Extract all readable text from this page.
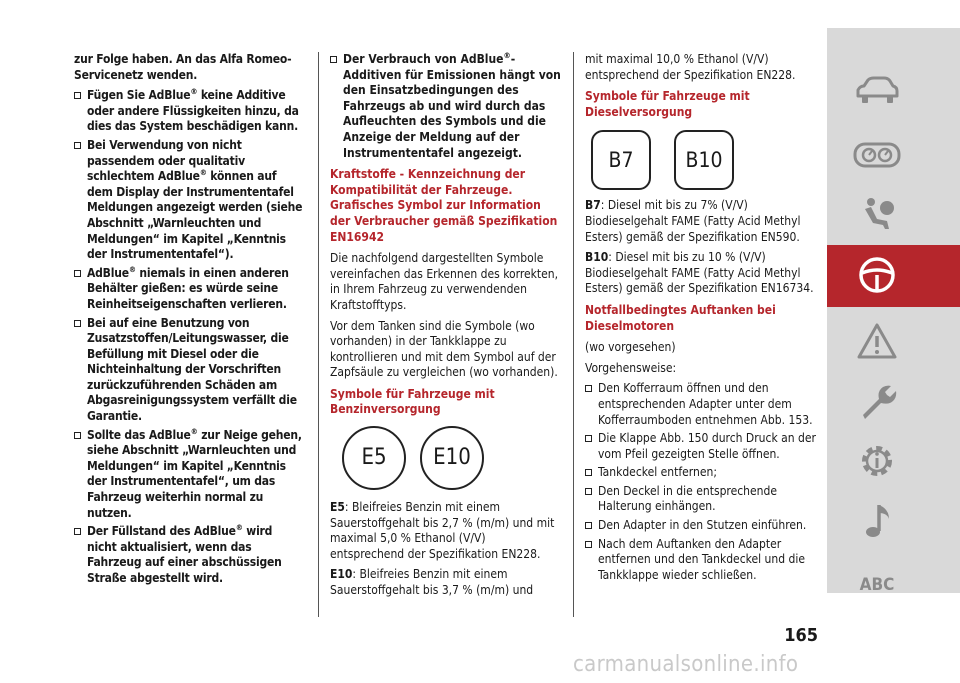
zur Folge haben. An das Alfa Romeo-Servicenetz wenden.

Fügen Sie AdBlue® keine Additive oder andere Flüssigkeiten hinzu, da dies das System beschädigen kann.
Bei Verwendung von nicht passendem oder qualitativ schlechtem AdBlue® können auf dem Display der Instrumententafel Meldungen angezeigt werden (siehe Abschnitt „Warnleuchten und Meldungen“ im Kapitel „Kenntnis der Instrumententafel“).
AdBlue® niemals in einen anderen Behälter gießen: es würde seine Reinheitseigenschaften verlieren.
Bei auf eine Benutzung von Zusatzstoffen/Leitungswasser, die Befüllung mit Diesel oder die Nichteinhaltung der Vorschriften zurückzuführenden Schäden am Abgasreinigungssystem verfällt die Garantie.
Sollte das AdBlue® zur Neige gehen, siehe Abschnitt „Warnleuchten und Meldungen“ im Kapitel „Kenntnis der Instrumententafel“, um das Fahrzeug weiterhin normal zu nutzen.
Der Füllstand des AdBlue® wird nicht aktualisiert, wenn das Fahrzeug auf einer abschüssigen Straße abgestellt wird.
Der Verbrauch von AdBlue®-Additiven für Emissionen hängt von den Einsatzbedingungen des Fahrzeugs ab und wird durch das Aufleuchten des Symbols und die Anzeige der Meldung auf der Instrumententafel angezeigt.

Kraftstoffe - Kennzeichnung der Kompatibilität der Fahrzeuge. Grafisches Symbol zur Information der Verbraucher gemäß Spezifikation EN16942

Die nachfolgend dargestellten Symbole vereinfachen das Erkennen des korrekten, in Ihrem Fahrzeug zu verwendenden Kraftstofftyps.

Vor dem Tanken sind die Symbole (wo vorhanden) in der Tankklappe zu kontrollieren und mit dem Symbol auf der Zapfsäule zu vergleichen (wo vorhanden).

Symbole für Fahrzeuge mit Benzinversorgung

E5	E10

E5: Bleifreies Benzin mit einem Sauerstoffgehalt bis 2,7 % (m/m) und mit maximal 5,0 % Ethanol (V/V) entsprechend der Spezifikation EN228.

E10: Bleifreies Benzin mit einem Sauerstoffgehalt bis 3,7 % (m/m) und

mit maximal 10,0 % Ethanol (V/V) entsprechend der Spezifikation EN228.

Symbole für Fahrzeuge mit Dieselversorgung

B7	B10

B7: Diesel mit bis zu 7% (V/V) Biodieselgehalt FAME (Fatty Acid Methyl Esters) gemäß der Spezifikation EN590.

B10: Diesel mit bis zu 10 % (V/V) Biodieselgehalt FAME (Fatty Acid Methyl Esters) gemäß der Spezifikation EN16734.

Notfallbedingtes Auftanken bei Dieselmotoren

(wo vorgesehen)

Vorgehensweise:

Den Kofferraum öffnen und den entsprechenden Adapter unter dem Kofferraumboden entnehmen Abb. 153.
Die Klappe Abb. 150 durch Druck an der vom Pfeil gezeigten Stelle öffnen.
Tankdeckel entfernen;
Den Deckel in die entsprechende Halterung einhängen.
Den Adapter in den Stutzen einführen.
Nach dem Auftanken den Adapter entfernen und den Tankdeckel und die Tankklappe wieder schließen.
ABC
165
carmanualsonline.info
